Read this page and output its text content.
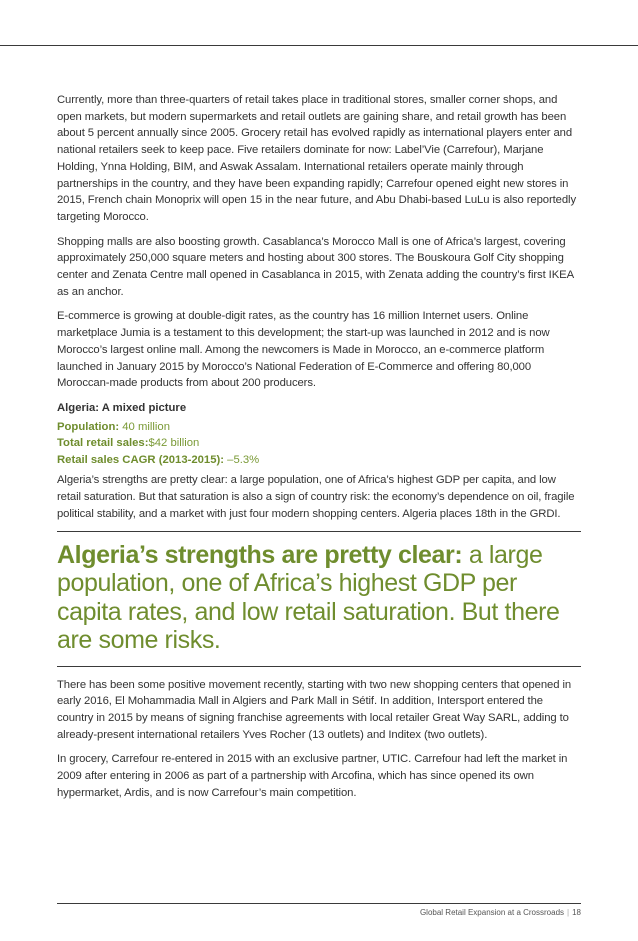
Currently, more than three-quarters of retail takes place in traditional stores, smaller corner shops, and open markets, but modern supermarkets and retail outlets are gaining share, and retail growth has been about 5 percent annually since 2005. Grocery retail has evolved rapidly as international players enter and national retailers seek to keep pace. Five retailers dominate for now: Label’Vie (Carrefour), Marjane Holding, Ynna Holding, BIM, and Aswak Assalam. International retailers operate mainly through partnerships in the country, and they have been expanding rapidly; Carrefour opened eight new stores in 2015, French chain Monoprix will open 15 in the near future, and Abu Dhabi-based LuLu is also reportedly targeting Morocco.

Shopping malls are also boosting growth. Casablanca’s Morocco Mall is one of Africa’s largest, covering approximately 250,000 square meters and hosting about 300 stores. The Bouskoura Golf City shopping center and Zenata Centre mall opened in Casablanca in 2015, with Zenata adding the country’s first IKEA as an anchor.

E-commerce is growing at double-digit rates, as the country has 16 million Internet users. Online marketplace Jumia is a testament to this development; the start-up was launched in 2012 and is now Morocco’s largest online mall. Among the newcomers is Made in Morocco, an e-commerce platform launched in January 2015 by Morocco’s National Federation of E-Commerce and offering 80,000 Moroccan-made products from about 200 producers.

Algeria: A mixed picture
Population: 40 million
Total retail sales:$42 billion
Retail sales CAGR (2013-2015): –5.3%

Algeria’s strengths are pretty clear: a large population, one of Africa’s highest GDP per capita, and low retail saturation. But that saturation is also a sign of country risk: the economy’s dependence on oil, fragile political stability, and a market with just four modern shopping centers. Algeria places 18th in the GRDI.

Algeria’s strengths are pretty clear: a large population, one of Africa’s highest GDP per capita rates, and low retail saturation. But there are some risks.

There has been some positive movement recently, starting with two new shopping centers that opened in early 2016, El Mohammadia Mall in Algiers and Park Mall in Sétif. In addition, Intersport entered the country in 2015 by means of signing franchise agreements with local retailer Great Way SARL, adding to already-present international retailers Yves Rocher (13 outlets) and Inditex (two outlets).

In grocery, Carrefour re-entered in 2015 with an exclusive partner, UTIC. Carrefour had left the market in 2009 after entering in 2006 as part of a partnership with Arcofina, which has since opened its own hypermarket, Ardis, and is now Carrefour’s main competition.

Global Retail Expansion at a Crossroads | 18
